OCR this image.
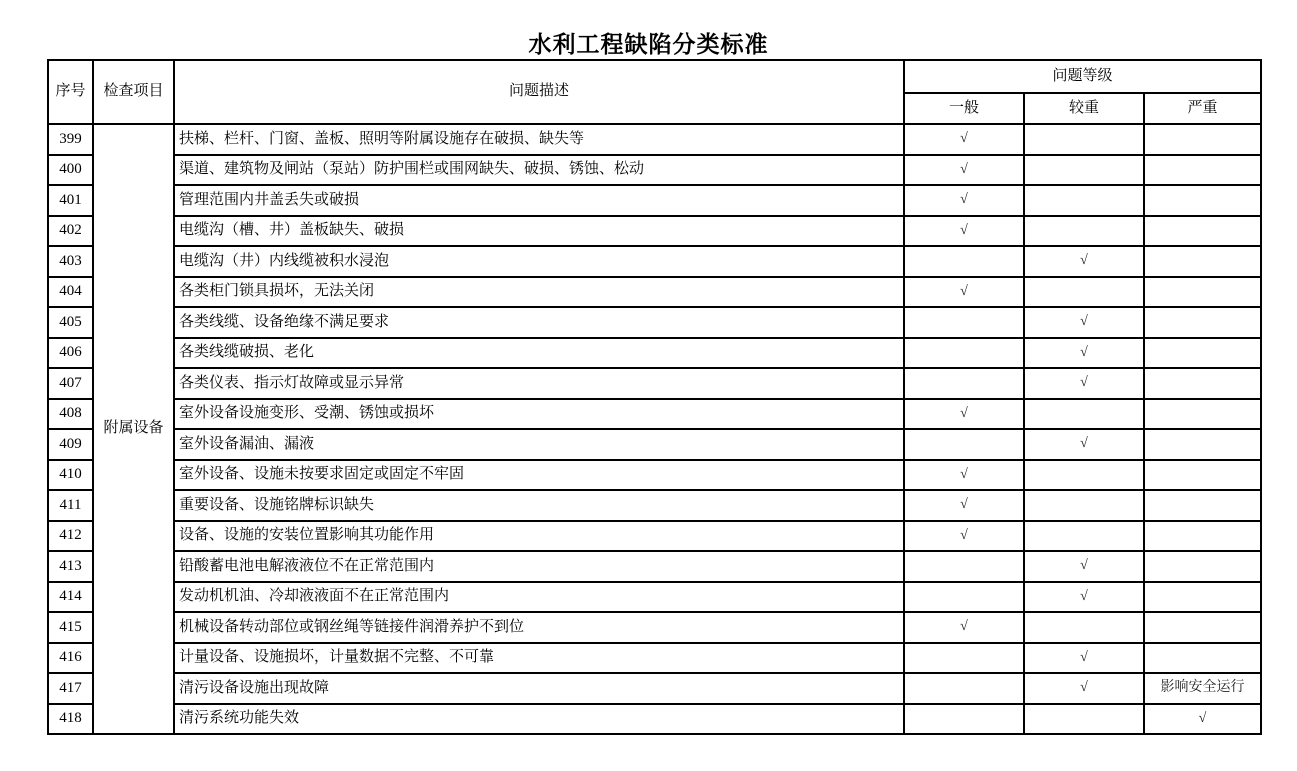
水利工程缺陷分类标准
序号	检查项目	问题描述	问题等级		
			一般	较重	严重
399	附属设备	扶梯、栏杆、门窗、盖板、照明等附属设施存在破损、缺失等	√		
400		渠道、建筑物及闸站（泵站）防护围栏或围网缺失、破损、锈蚀、松动	√		
401		管理范围内井盖丢失或破损	√		
402		电缆沟（槽、井）盖板缺失、破损	√		
403		电缆沟（井）内线缆被积水浸泡		√	
404		各类柜门锁具损坏，无法关闭	√		
405		各类线缆、设备绝缘不满足要求		√	
406		各类线缆破损、老化		√	
407		各类仪表、指示灯故障或显示异常		√	
408		室外设备设施变形、受潮、锈蚀或损坏	√		
409		室外设备漏油、漏液		√	
410		室外设备、设施未按要求固定或固定不牢固	√		
411		重要设备、设施铭牌标识缺失	√		
412		设备、设施的安装位置影响其功能作用	√		
413		铅酸蓄电池电解液液位不在正常范围内		√	
414		发动机机油、冷却液液面不在正常范围内		√	
415		机械设备转动部位或钢丝绳等链接件润滑养护不到位	√		
416		计量设备、设施损坏，计量数据不完整、不可靠		√	
417		清污设备设施出现故障		√	影响安全运行
418		清污系统功能失效			√
